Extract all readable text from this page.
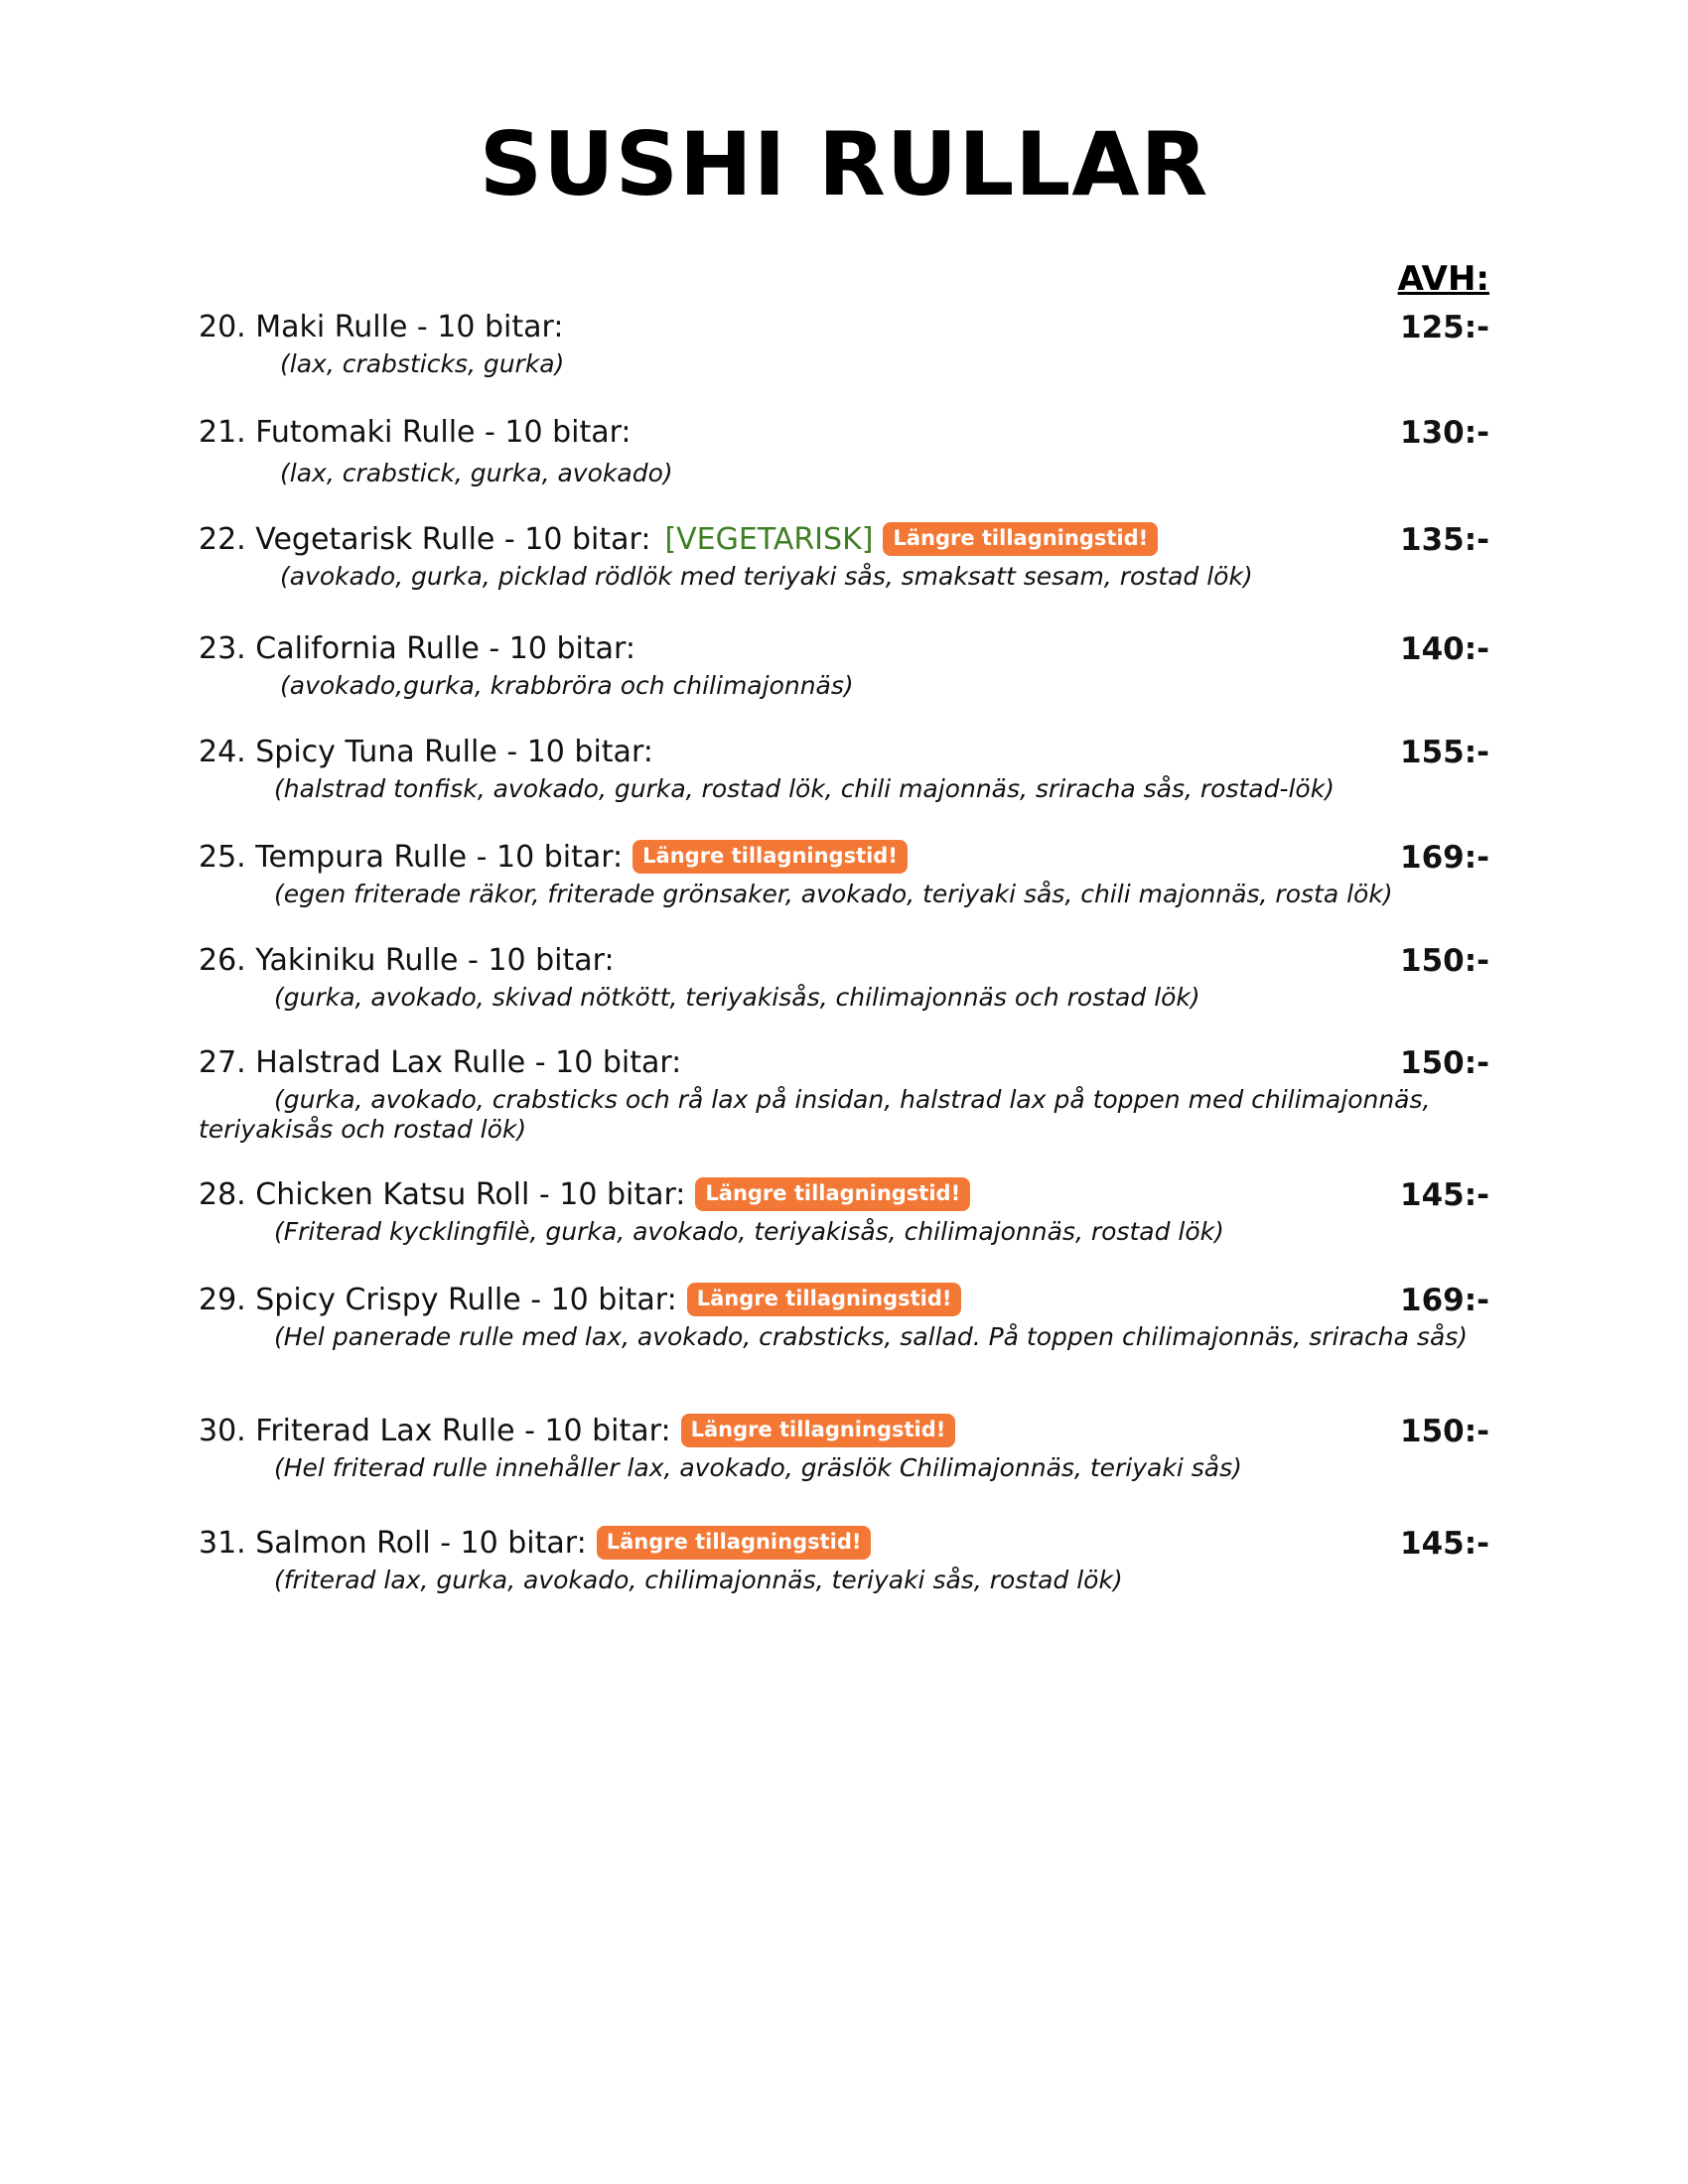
SUSHI RULLAR
AVH:
20. Maki Rulle - 10 bitar:	125:-
(lax, crabsticks, gurka)
21. Futomaki Rulle - 10 bitar:	130:-
(lax, crabstick, gurka, avokado)
22. Vegetarisk Rulle - 10 bitar: [VEGETARISK] Längre tillagningstid!	135:-
(avokado, gurka, picklad rödlök med teriyaki sås, smaksatt sesam, rostad lök)
23. California Rulle - 10 bitar:	140:-
(avokado,gurka, krabbröra och chilimajonnäs)
24. Spicy Tuna Rulle - 10 bitar:	155:-
(halstrad tonfisk, avokado, gurka, rostad lök, chili majonnäs, sriracha sås, rostad-lök)
25. Tempura Rulle - 10 bitar: Längre tillagningstid!	169:-
(egen friterade räkor, friterade grönsaker, avokado, teriyaki sås, chili majonnäs, rosta lök)
26. Yakiniku Rulle - 10 bitar:	150:-
(gurka, avokado, skivad nötkött, teriyakisås, chilimajonnäs och rostad lök)
27. Halstrad Lax Rulle - 10 bitar:	150:-
(gurka, avokado, crabsticks och rå lax på insidan, halstrad lax på toppen med chilimajonnäs, teriyakisås och rostad lök)
28. Chicken Katsu Roll - 10 bitar: Längre tillagningstid!	145:-
(Friterad kycklingfilè, gurka, avokado, teriyakisås, chilimajonnäs, rostad lök)
29. Spicy Crispy Rulle - 10 bitar: Längre tillagningstid!	169:-
(Hel panerade rulle med lax, avokado, crabsticks, sallad. På toppen chilimajonnäs, sriracha sås)
30. Friterad Lax Rulle - 10 bitar: Längre tillagningstid!	150:-
(Hel friterad rulle innehåller lax, avokado, gräslök Chilimajonnäs, teriyaki sås)
31. Salmon Roll - 10 bitar: Längre tillagningstid!	145:-
(friterad lax, gurka, avokado, chilimajonnäs, teriyaki sås, rostad lök)
